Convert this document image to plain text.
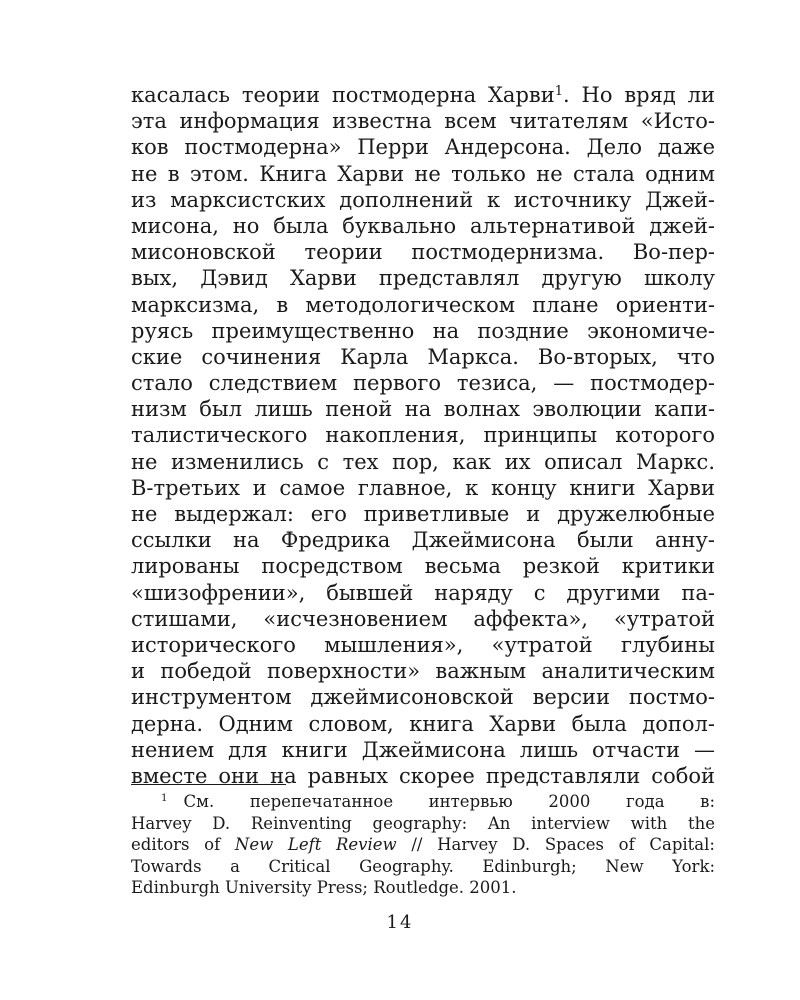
касалась теории постмодерна Харви$^1$. Но вряд ли
эта информация известна всем читателям «Исто-
ков постмодерна» Перри Андерсона. Дело даже
не в этом. Книга Харви не только не стала одним
из марксистских дополнений к источнику Джей-
мисона, но была буквально альтернативой джей-
мисоновской теории постмодернизма. Во-пер-
вых, Дэвид Харви представлял другую школу
марксизма, в методологическом плане ориенти-
руясь преимущественно на поздние экономиче-
ские сочинения Карла Маркса. Во-вторых, что
стало следствием первого тезиса, — постмодер-
низм был лишь пеной на волнах эволюции капи-
талистического накопления, принципы которого
не изменились с тех пор, как их описал Маркс.
В-третьих и самое главное, к концу книги Харви
не выдержал: его приветливые и дружелюбные
ссылки на Фредрика Джеймисона были анну-
лированы посредством весьма резкой критики
«шизофрении», бывшей наряду с другими па-
стишами, «исчезновением аффекта», «утратой
исторического мышления», «утратой глубины
и победой поверхности» важным аналитическим
инструментом джеймисоновской версии постмо-
дерна. Одним словом, книга Харви была допол-
нением для книги Джеймисона лишь отчасти —
вместе они на равных скорее представляли собой
$^1$ См. перепечатанное интервью 2000 года в:
Harvey D. Reinventing geography: An interview with the
editors of New Left Review // Harvey D. Spaces of Capital:
Towards a Critical Geography. Edinburgh; New York:
Edinburgh University Press; Routledge. 2001.
14
